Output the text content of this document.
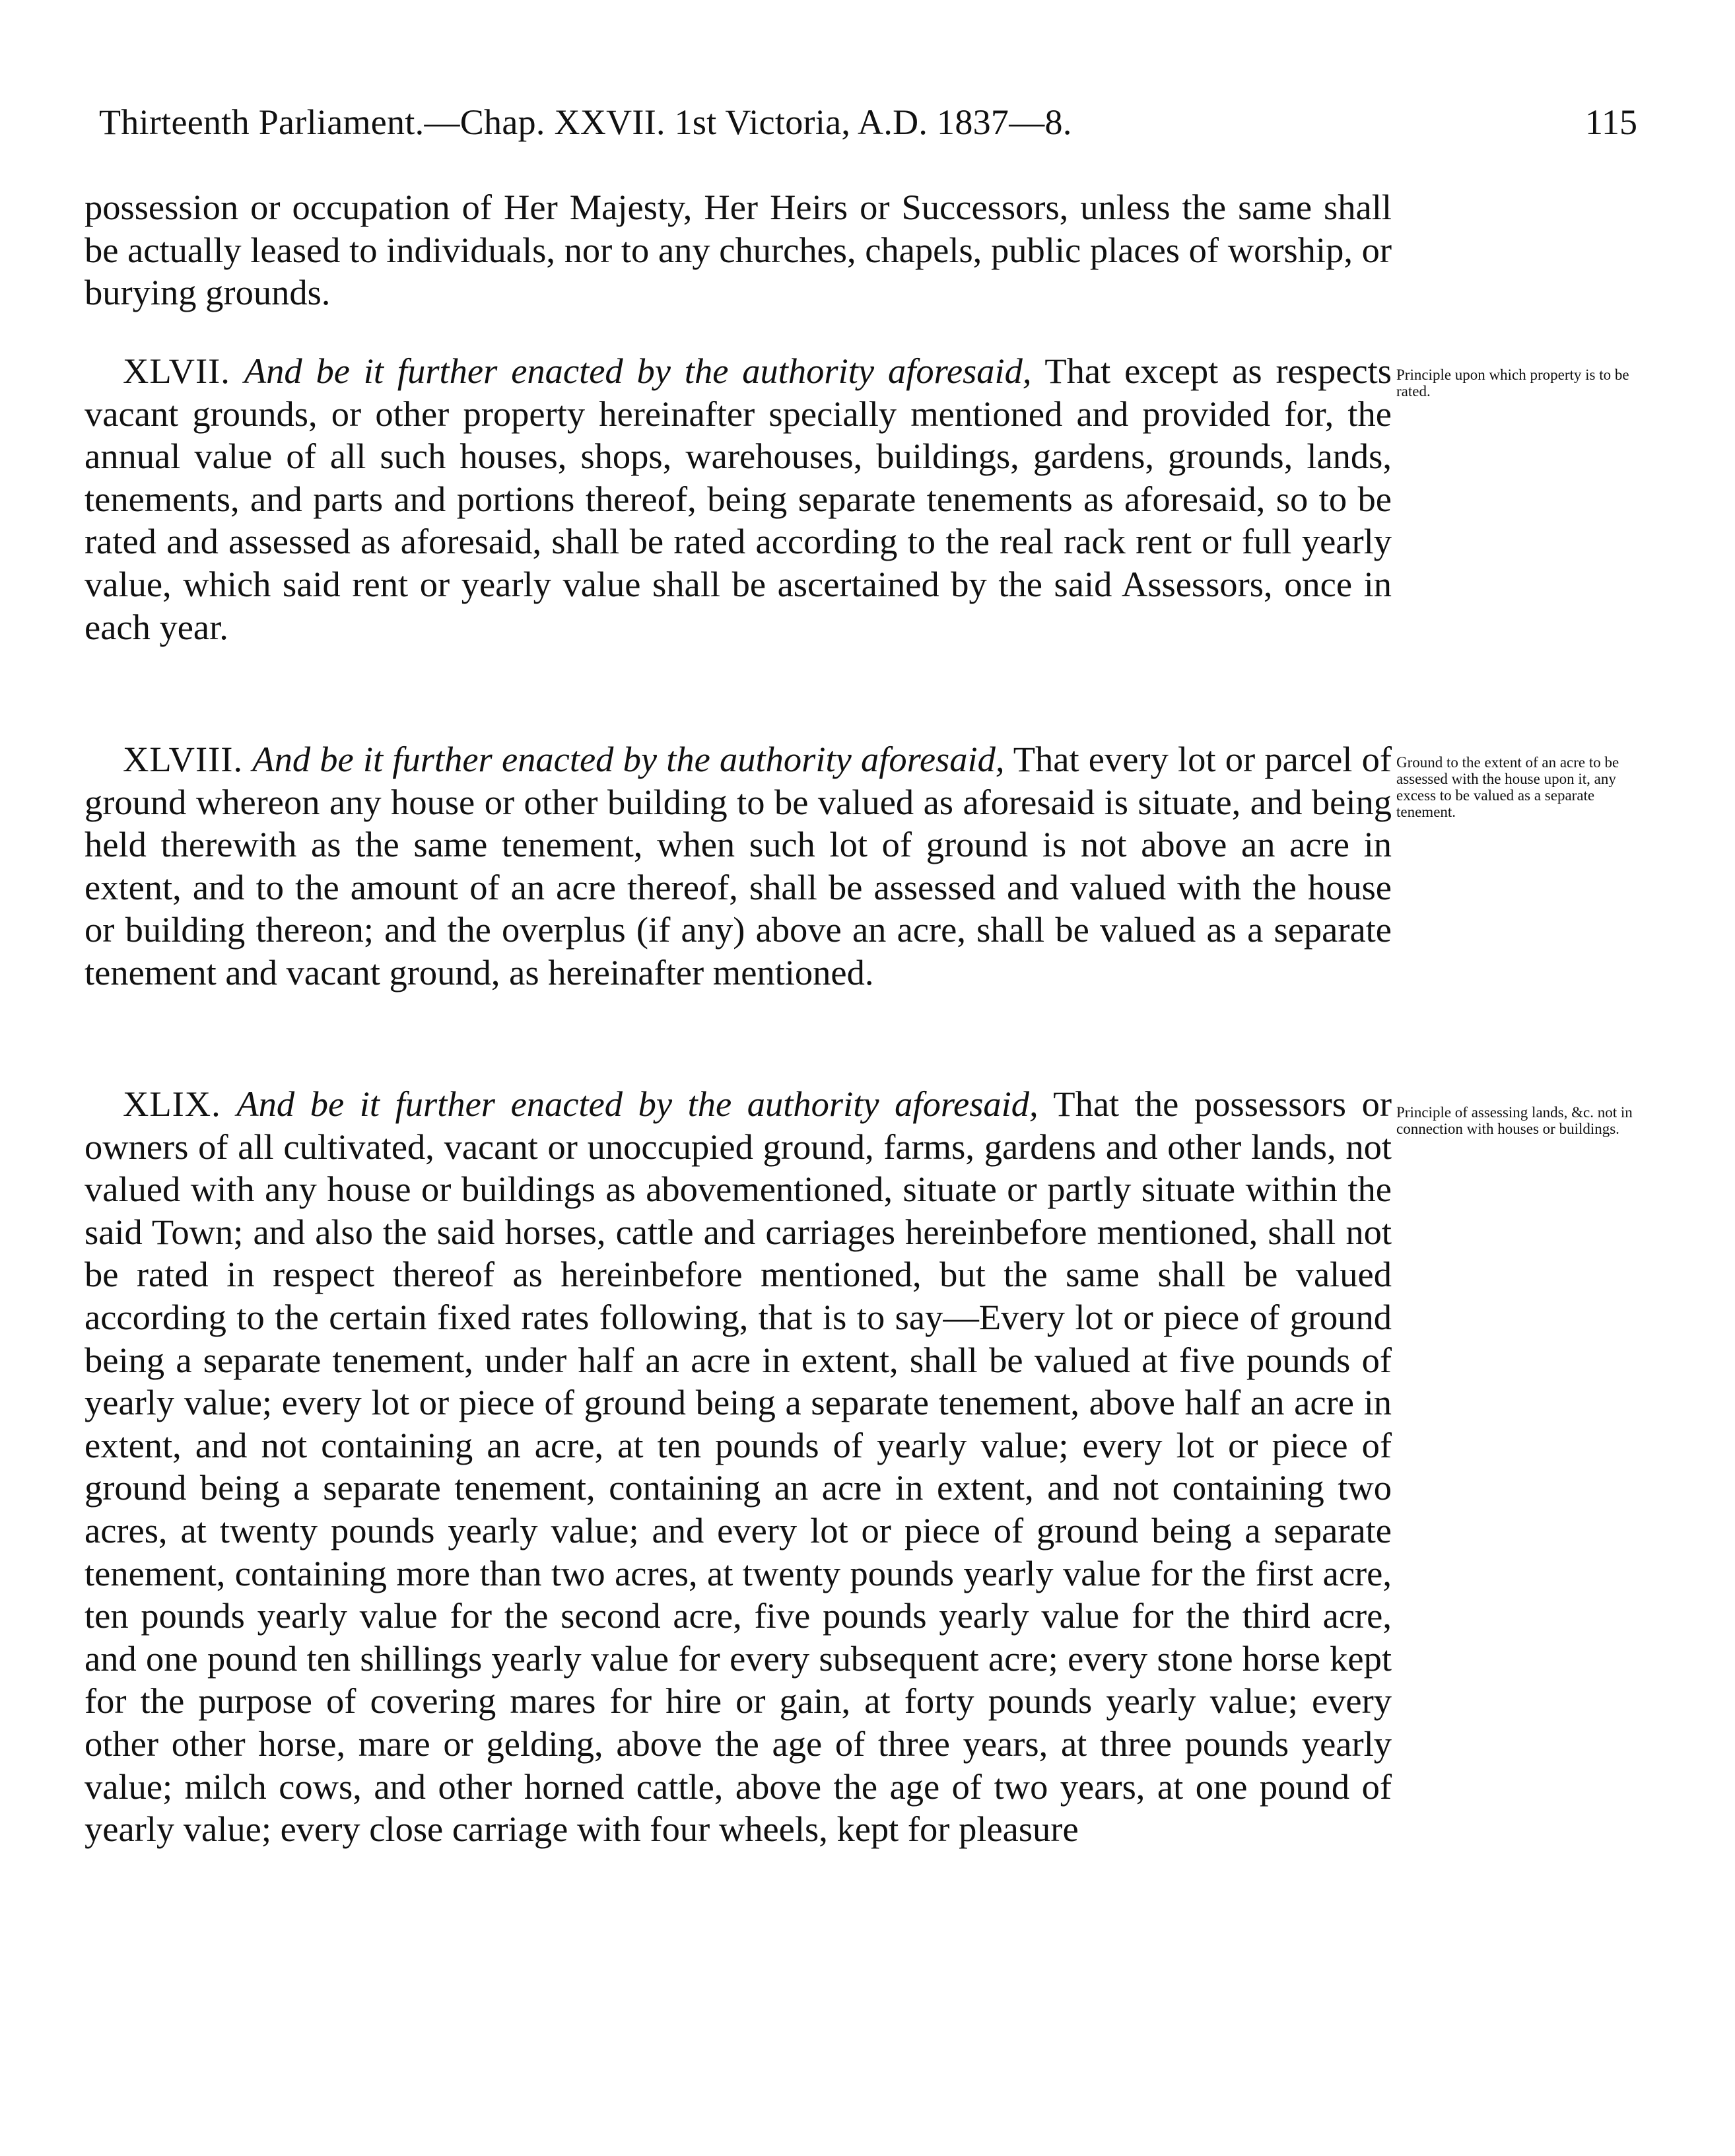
Thirteenth Parliament.—Chap. XXVII. 1st Victoria, A.D. 1837—8.	115

possession or occupation of Her Majesty, Her Heirs or Successors, unless the same shall be actually leased to individuals, nor to any churches, chapels, public places of worship, or burying grounds.

XLVII. And be it further enacted by the authority aforesaid, That except as respects vacant grounds, or other property hereinafter specially mentioned and provided for, the annual value of all such houses, shops, warehouses, buildings, gardens, grounds, lands, tenements, and parts and portions thereof, being separate tenements as aforesaid, so to be rated and assessed as aforesaid, shall be rated according to the real rack rent or full yearly value, which said rent or yearly value shall be ascertained by the said Assessors, once in each year.

Principle upon which property is to be rated.

XLVIII. And be it further enacted by the authority aforesaid, That every lot or parcel of ground whereon any house or other building to be valued as aforesaid is situate, and being held therewith as the same tenement, when such lot of ground is not above an acre in extent, and to the amount of an acre thereof, shall be assessed and valued with the house or building thereon; and the overplus (if any) above an acre, shall be valued as a separate tenement and vacant ground, as hereinafter mentioned.

Ground to the extent of an acre to be assessed with the house upon it, any excess to be valued as a separate tenement.

XLIX. And be it further enacted by the authority aforesaid, That the possessors or owners of all cultivated, vacant or unoccupied ground, farms, gardens and other lands, not valued with any house or buildings as abovementioned, situate or partly situate within the said Town; and also the said horses, cattle and carriages hereinbefore mentioned, shall not be rated in respect thereof as hereinbefore mentioned, but the same shall be valued according to the certain fixed rates following, that is to say—Every lot or piece of ground being a separate tenement, under half an acre in extent, shall be valued at five pounds of yearly value; every lot or piece of ground being a separate tenement, above half an acre in extent, and not containing an acre, at ten pounds of yearly value; every lot or piece of ground being a separate tenement, containing an acre in extent, and not containing two acres, at twenty pounds yearly value; and every lot or piece of ground being a separate tenement, containing more than two acres, at twenty pounds yearly value for the first acre, ten pounds yearly value for the second acre, five pounds yearly value for the third acre, and one pound ten shillings yearly value for every subsequent acre; every stone horse kept for the purpose of covering mares for hire or gain, at forty pounds yearly value; every other other horse, mare or gelding, above the age of three years, at three pounds yearly value; milch cows, and other horned cattle, above the age of two years, at one pound of yearly value; every close carriage with four wheels, kept for pleasure

Principle of assessing lands, &c. not in connection with houses or buildings.
